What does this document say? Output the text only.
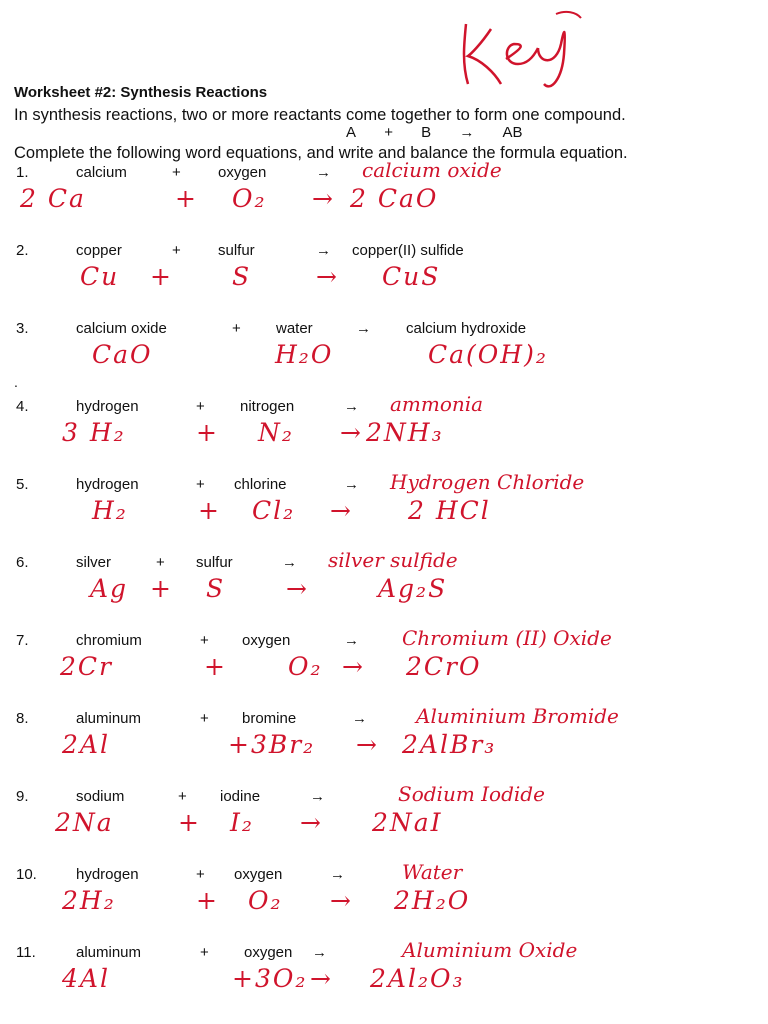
Worksheet #2: Synthesis Reactions
In synthesis reactions, two or more reactants come together to form one compound.
A + B → AB
Complete the following word equations, and write and balance the formula equation.
.
1.	calcium	+ oxygen	→ calcium oxide
2 Ca	+ O₂ → 2 CaO
2.	copper	+ sulfur	→ copper(II) sulfide
Cu + S	→ CuS
3.	calcium oxide	+ water	→ calcium hydroxide
CaO	H₂O	Ca(OH)₂
4.	hydrogen	+ nitrogen	→ ammonia
3 H₂	+ N₂ → 2NH₃
5.	hydrogen	+ chlorine	→ Hydrogen Chloride
H₂	+ Cl₂ → 2 HCl
6.	silver	+ sulfur	→ silver sulfide
Ag + S →	Ag₂S
7.	chromium	+ oxygen	→ Chromium (II) Oxide
2Cr	+ O₂ → 2CrO
8.	aluminum	+ bromine	→ Aluminium Bromide
2Al	+3Br₂ → 2AlBr₃
9.	sodium	+ iodine	→	Sodium Iodide
2Na	+ I₂ → 2NaI
10.	hydrogen	+ oxygen	→	Water
2H₂	+ O₂ → 2H₂O
11.	aluminum	+ oxygen →	Aluminium Oxide
4Al	+3O₂ → 2Al₂O₃
